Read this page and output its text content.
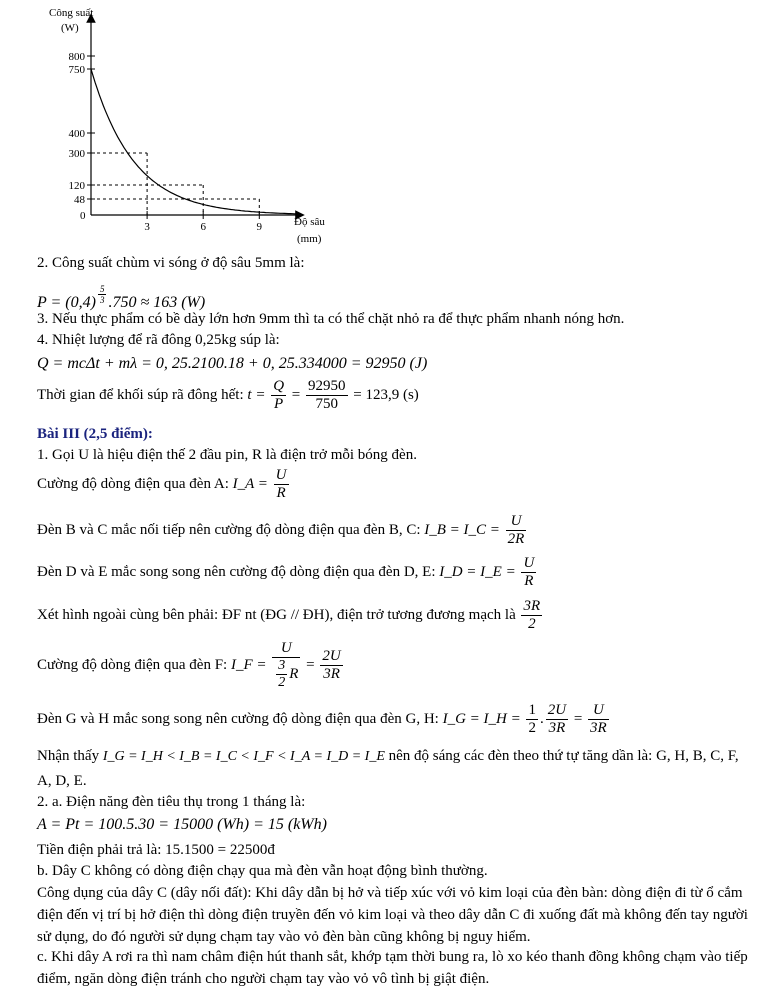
Công suất
(W)
Độ sâu
(mm)
0
800
750
400
300
120
48
3	6	9
2. Công suất chùm vi sóng ở độ sâu 5mm là:
P = (0,4) $^{\frac{5}{3}}$ .750 ≈ 163 (W)
3. Nếu thực phẩm có bề dày lớn hơn 9mm thì ta có thể chặt nhỏ ra để thực phẩm nhanh nóng hơn.
4. Nhiệt lượng để rã đông 0,25kg súp là:
Q = mcΔt + mλ = 0, 25.2100.18 + 0, 25.334000 = 92950 (J)
Thời gian để khối súp rã đông hết: $t = \frac{Q}{P} = \frac{92950}{750} = 123,9$ (s)
Bài III (2,5 điểm):
1. Gọi U là hiệu điện thế 2 đầu pin, R là điện trở mỗi bóng đèn.
Cường độ dòng điện qua đèn A: I_A = $\frac{U}{R}$
Đèn B và C mắc nối tiếp nên cường độ dòng điện qua đèn B, C: I_B = I_C = $\frac{U}{2R}$
Đèn D và E mắc song song nên cường độ dòng điện qua đèn D, E: I_D = I_E = $\frac{U}{R}$
Xét hình ngoài cùng bên phải: ĐF nt (ĐG // ĐH), điện trở tương đương mạch là $\frac{3R}{2}$
Cường độ dòng điện qua đèn F: I_F = $\frac{U}{\frac{3}{2} R} = \frac{2U}{3R}$
Đèn G và H mắc song song nên cường độ dòng điện qua đèn G, H: I_G = I_H = $\frac{1}{2}$ . $\frac{2U}{3R} = \frac{U}{3R}$
Nhận thấy I_G = I_H < I_B = I_C < I_F < I_A = I_D = I_E nên độ sáng các đèn theo thứ tự tăng dần là: G, H, B, C, F,
A, D, E.
2. a. Điện năng đèn tiêu thụ trong 1 tháng là:
A = Pt = 100.5.30 = 15000 (Wh) = 15 (kWh)
Tiền điện phải trả là: 15.1500 = 22500đ
b. Dây C không có dòng điện chạy qua mà đèn vẫn hoạt động bình thường.
Công dụng của dây C (dây nối đất): Khi dây dẫn bị hở và tiếp xúc với vỏ kim loại của đèn bàn: dòng điện đi từ ổ cắm điện đến vị trí bị hở điện thì dòng điện truyền đến vỏ kim loại và theo dây dẫn C đi xuống đất mà không đến tay người sử dụng, do đó người sử dụng chạm tay vào vỏ đèn bàn cũng không bị nguy hiểm.
c. Khi dây A rơi ra thì nam châm điện hút thanh sắt, khớp tạm thời bung ra, lò xo kéo thanh đồng không chạm vào tiếp điểm, ngăn dòng điện tránh cho người chạm tay vào vỏ vô tình bị giật điện.
